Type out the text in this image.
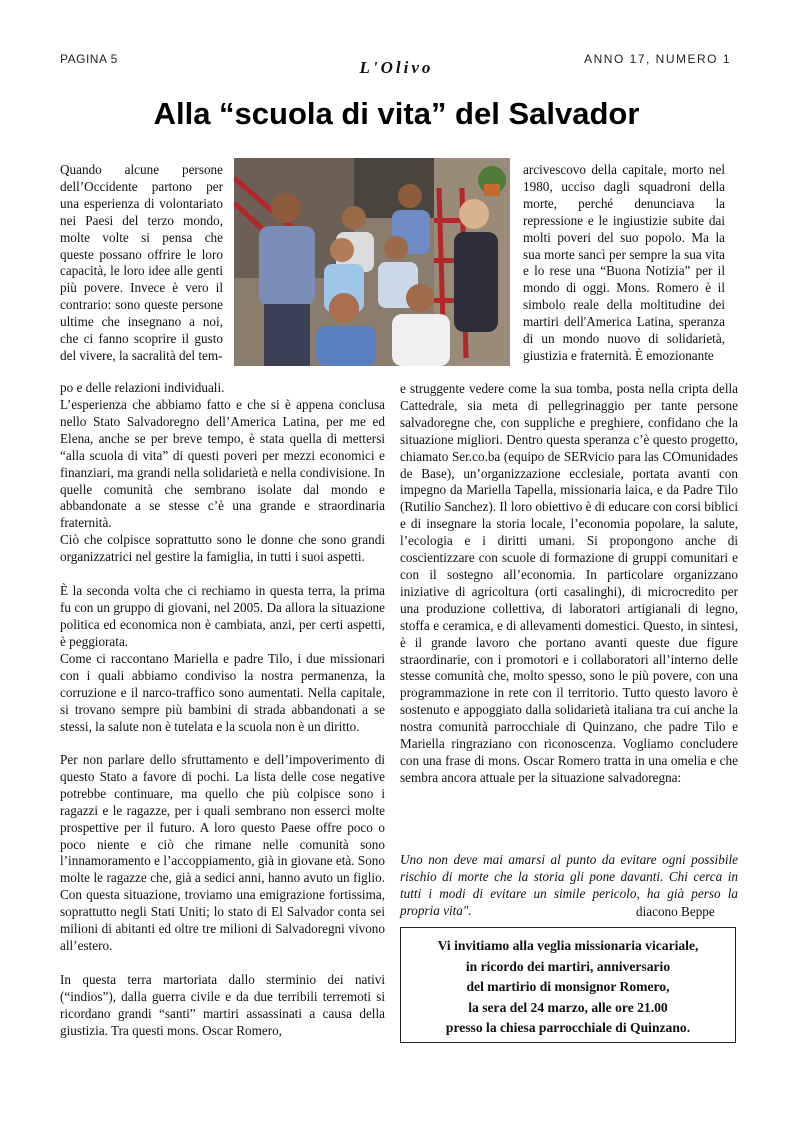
PAGINA 5	L'Olivo	ANNO 17, NUMERO 1
Alla “scuola di vita” del Salvador

Quando alcune persone dell’Occidente partono per una esperienza di volontariato nei Paesi del terzo mondo, molte volte si pensa che queste possano offrire le loro capacità, le loro idee alle genti più povere. Invece è vero il contrario: sono queste persone ultime che insegnano a noi, che ci fanno scoprire il gusto del vivere, la sacralità del tem-

po e delle relazioni individuali.

L’esperienza che abbiamo fatto e che si è appena conclusa nello Stato Salvadoregno dell’America Latina, per me ed Elena, anche se per breve tempo, è stata quella di mettersi “alla scuola di vita” di questi poveri per mezzi economici e finanziari, ma grandi nella solidarietà e nella condivisione. In quelle comunità che sembrano isolate dal mondo e abbandonate a se stesse c’è una grande e straordinaria fraternità.

Ciò che colpisce soprattutto sono le donne che sono grandi organizzatrici nel gestire la famiglia, in tutti i suoi aspetti.

È la seconda volta che ci rechiamo in questa terra, la prima fu con un gruppo di giovani, nel 2005. Da allora la situazione politica ed economica non è cambiata, anzi, per certi aspetti, è peggiorata.

Come ci raccontano Mariella e padre Tilo, i due missionari con i quali abbiamo condiviso la nostra permanenza, la corruzione e il narco-traffico sono aumentati. Nella capitale, si trovano sempre più bambini di strada abbandonati a se stessi, la salute non è tutelata e la scuola non è un diritto.

Per non parlare dello sfruttamento e dell’impoverimento di questo Stato a favore di pochi. La lista delle cose negative potrebbe continuare, ma quello che più colpisce sono i ragazzi e le ragazze, per i quali sembrano non esserci molte prospettive per il futuro. A loro questo Paese offre poco o poco niente e ciò che rimane nelle comunità sono l’innamoramento e l’accoppiamento, già in giovane età. Sono molte le ragazze che, già a sedici anni, hanno avuto un figlio. Con questa situazione, troviamo una emigrazione fortissima, soprattutto negli Stati Uniti; lo stato di El Salvador conta sei milioni di abitanti ed oltre tre milioni di Salvadoregni vivono all’estero.

In questa terra martoriata dallo sterminio dei nativi (“indios”), dalla guerra civile e da due terribili terremoti si ricordano grandi “santi” martiri assassinati a causa della giustizia. Tra questi mons. Oscar Romero,

arcivescovo della capitale, morto nel 1980, ucciso dagli squadroni della morte, perché denunciava la repressione e le ingiustizie subite dai molti poveri del suo popolo. Ma la sua morte sancì per sempre la sua vita e lo rese una “Buona Notizia” per il mondo di oggi. Mons. Romero è il simbolo reale della moltitudine dei martiri dell'America Latina, speranza di un mondo nuovo di solidarietà, giustizia e fraternità. È emozionante

e struggente vedere come la sua tomba, posta nella cripta della Cattedrale, sia meta di pellegrinaggio per tante persone salvadoregne che, con suppliche e preghiere, confidano che la situazione migliori. Dentro questa speranza c’è questo progetto, chiamato Ser.co.ba (equipo de SERvicio para las COmunidades de Base), un’organizzazione ecclesiale, portata avanti con impegno da Mariella Tapella, missionaria laica, e da Padre Tilo (Rutilio Sanchez). Il loro obiettivo è di educare con corsi biblici e di insegnare la storia locale, l’economia popolare, la salute, l’ecologia e i diritti umani. Si propongono anche di coscientizzare con scuole di formazione di gruppi comunitari e con il sostegno all’economia. In particolare organizzano iniziative di agricoltura (orti casalinghi), di microcredito per una produzione collettiva, di laboratori artigianali di legno, stoffa e ceramica, e di allevamenti domestici. Questo, in sintesi, è il grande lavoro che portano avanti queste due figure straordinarie, con i promotori e i collaboratori all’interno delle stesse comunità che, molto spesso, sono le più povere, con una programmazione in rete con il territorio. Tutto questo lavoro è sostenuto e appoggiato dalla solidarietà italiana tra cui anche la nostra comunità parrocchiale di Quinzano, che padre Tilo e Mariella ringraziano con riconoscenza. Vogliamo concludere con una frase di mons. Oscar Romero tratta in una omelia e che sembra ancora attuale per la situazione salvadoregna:

Uno non deve mai amarsi al punto da evitare ogni possibile rischio di morte che la storia gli pone davanti. Chi cerca in tutti i modi di evitare un simile pericolo, ha già perso la propria vita".	diacono Beppe
Vi invitiamo alla veglia missionaria vicariale,
in ricordo dei martiri, anniversario
del martirio di monsignor Romero,
la sera del 24 marzo, alle ore 21.00
presso la chiesa parrocchiale di Quinzano.
